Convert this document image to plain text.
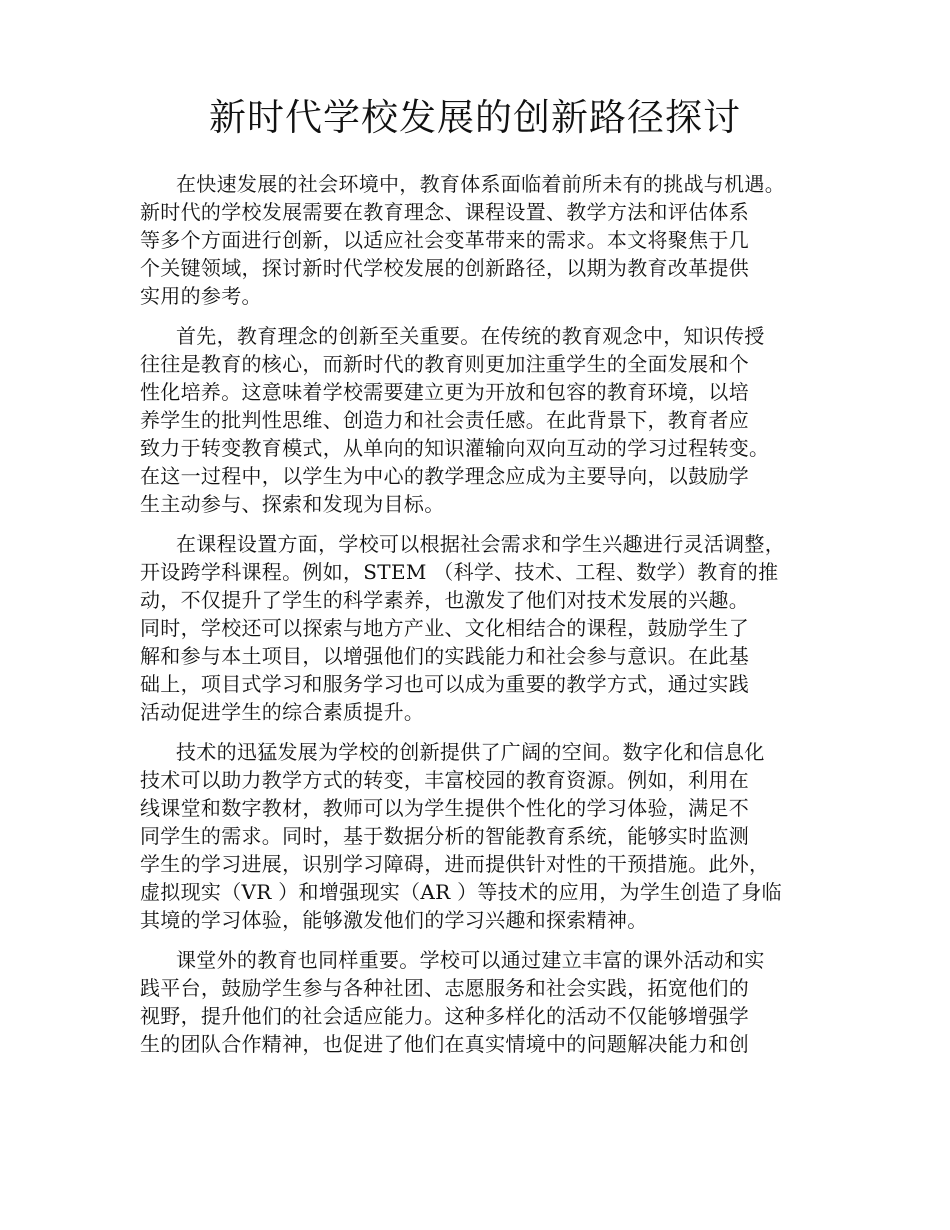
新时代学校发展的创新路径探讨
在快速发展的社会环境中，教育体系面临着前所未有的挑战与机遇。
新时代的学校发展需要在教育理念、课程设置、教学方法和评估体系
等多个方面进行创新，以适应社会变革带来的需求。本文将聚焦于几
个关键领域，探讨新时代学校发展的创新路径，以期为教育改革提供
实用的参考。
首先，教育理念的创新至关重要。在传统的教育观念中，知识传授
往往是教育的核心，而新时代的教育则更加注重学生的全面发展和个
性化培养。这意味着学校需要建立更为开放和包容的教育环境，以培
养学生的批判性思维、创造力和社会责任感。在此背景下，教育者应
致力于转变教育模式，从单向的知识灌输向双向互动的学习过程转变。
在这一过程中，以学生为中心的教学理念应成为主要导向，以鼓励学
生主动参与、探索和发现为目标。
在课程设置方面，学校可以根据社会需求和学生兴趣进行灵活调整，
开设跨学科课程。例如，STEM （科学、技术、工程、数学）教育的推
动，不仅提升了学生的科学素养，也激发了他们对技术发展的兴趣。
同时，学校还可以探索与地方产业、文化相结合的课程，鼓励学生了
解和参与本土项目，以增强他们的实践能力和社会参与意识。在此基
础上，项目式学习和服务学习也可以成为重要的教学方式，通过实践
活动促进学生的综合素质提升。
技术的迅猛发展为学校的创新提供了广阔的空间。数字化和信息化
技术可以助力教学方式的转变，丰富校园的教育资源。例如，利用在
线课堂和数字教材，教师可以为学生提供个性化的学习体验，满足不
同学生的需求。同时，基于数据分析的智能教育系统，能够实时监测
学生的学习进展，识别学习障碍，进而提供针对性的干预措施。此外，
虚拟现实（VR ）和增强现实（AR ）等技术的应用，为学生创造了身临
其境的学习体验，能够激发他们的学习兴趣和探索精神。
课堂外的教育也同样重要。学校可以通过建立丰富的课外活动和实
践平台，鼓励学生参与各种社团、志愿服务和社会实践，拓宽他们的
视野，提升他们的社会适应能力。这种多样化的活动不仅能够增强学
生的团队合作精神，也促进了他们在真实情境中的问题解决能力和创
